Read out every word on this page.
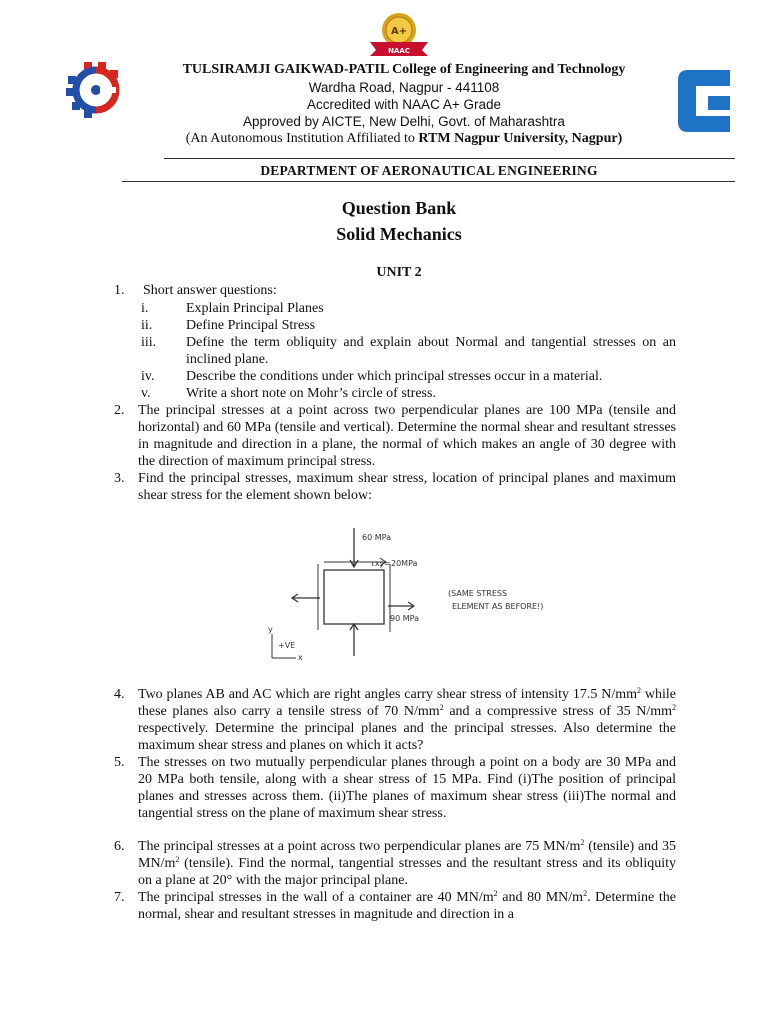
A+
NAAC
TULSIRAMJI GAIKWAD-PATIL College of Engineering and Technology
Wardha Road, Nagpur - 441108
Accredited with NAAC A+ Grade
Approved by AICTE, New Delhi, Govt. of Maharashtra
(An Autonomous Institution Affiliated to RTM Nagpur University, Nagpur)
DEPARTMENT OF AERONAUTICAL ENGINEERING
Question Bank
Solid Mechanics
UNIT 2
1. Short answer questions:
i.	Explain Principal Planes
ii. Define Principal Stress
iii. Define the term obliquity and explain about Normal and tangential stresses on an inclined plane.
iv. Describe the conditions under which principal stresses occur in a material.
v.	Write a short note on Mohr’s circle of stress.
2. The principal stresses at a point across two perpendicular planes are 100 MPa (tensile and horizontal) and 60 MPa (tensile and vertical). Determine the normal shear and resultant stresses in magnitude and direction in a plane, the normal of which makes an angle of 30 degree with the direction of maximum principal stress.
3. Find the principal stresses, maximum shear stress, location of principal planes and maximum shear stress for the element shown below:
60 MPa
τxy=20MPa
90 MPa
(SAME STRESS
ELEMENT AS BEFORE!)
y
x
+VE
4. Two planes AB and AC which are right angles carry shear stress of intensity 17.5 $N/mm^2$ while these planes also carry a tensile stress of 70 $N/mm^2$ and a compressive stress of 35 $N/mm^2$ respectively. Determine the principal planes and the principal stresses. Also determine the maximum shear stress and planes on which it acts?
5. The stresses on two mutually perpendicular planes through a point on a body are 30 MPa and 20 MPa both tensile, along with a shear stress of 15 MPa. Find (i)The position of principal planes and stresses across them. (ii)The planes of maximum shear stress (iii)The normal and tangential stress on the plane of maximum shear stress.
6. The principal stresses at a point across two perpendicular planes are 75 $MN/m^2$ (tensile) and 35 $MN/m^2$ (tensile). Find the normal, tangential stresses and the resultant stress and its obliquity on a plane at 20° with the major principal plane.
7. The principal stresses in the wall of a container are 40 $MN/m^2$ and 80 $MN/m^2$. Determine the normal, shear and resultant stresses in magnitude and direction in a
